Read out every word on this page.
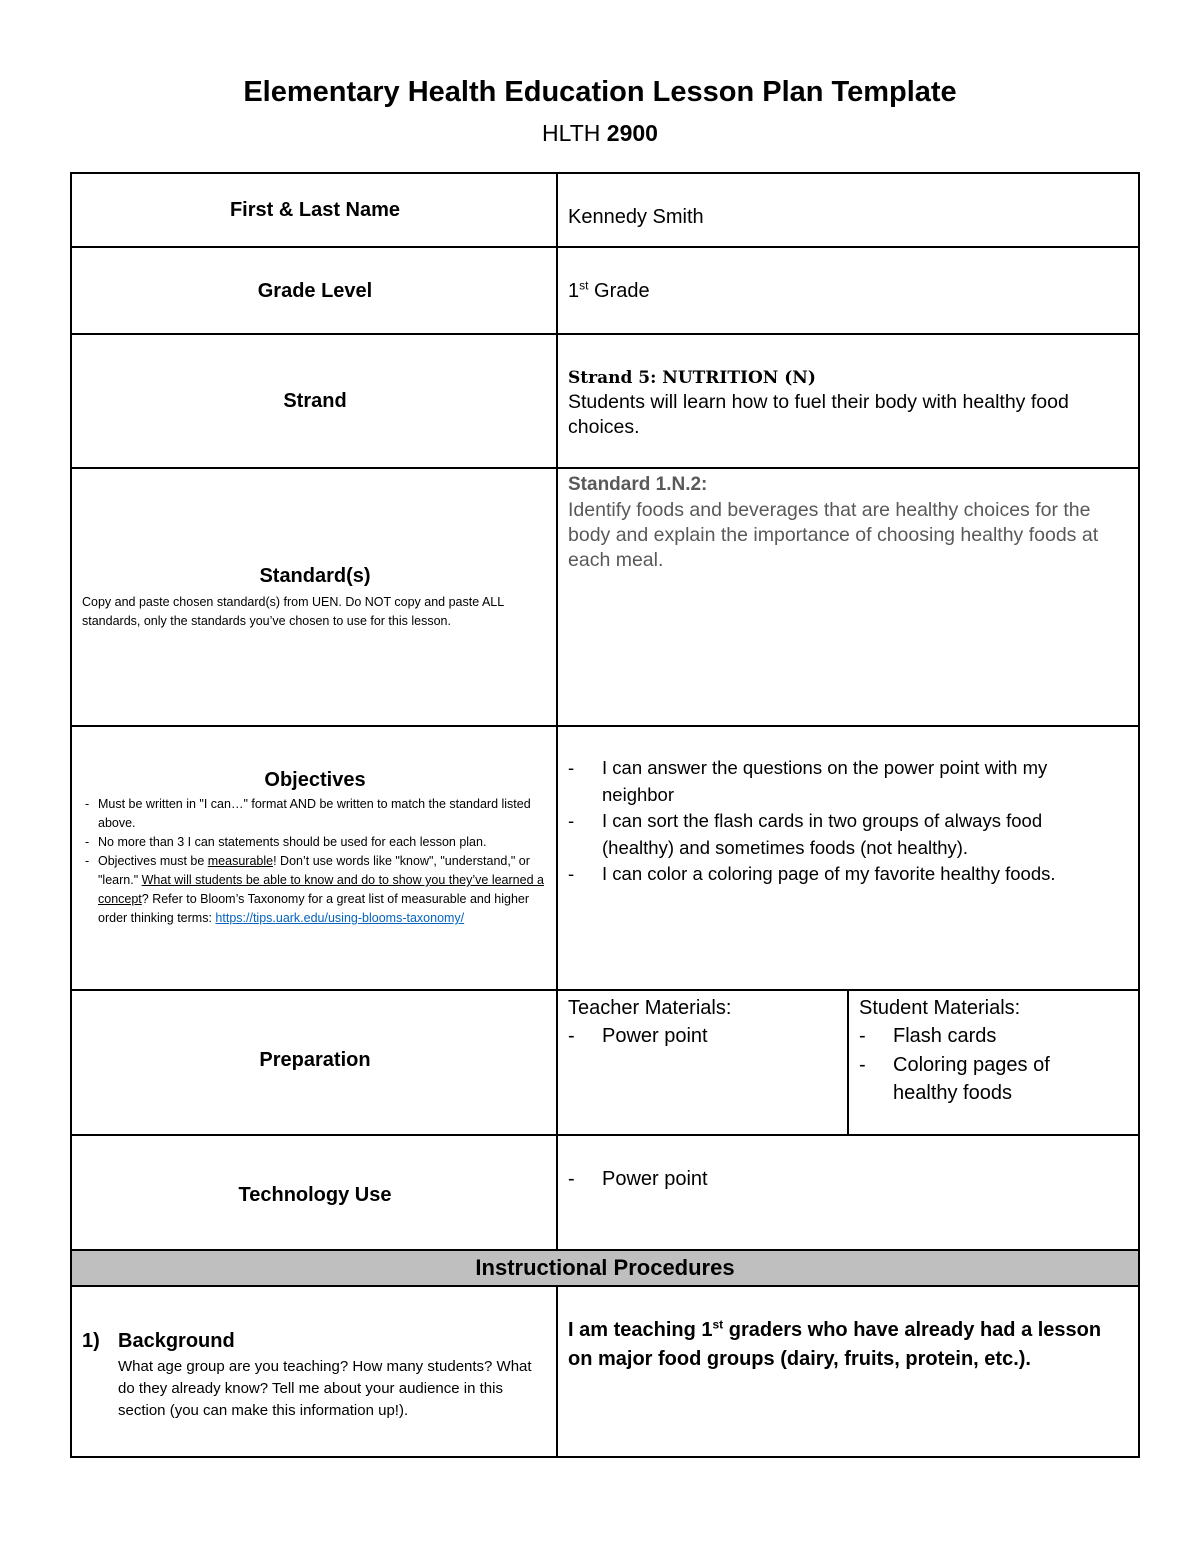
Elementary Health Education Lesson Plan Template
HLTH 2900
First & Last Name	Kennedy Smith
Grade Level	1st Grade
Strand
Strand 5: NUTRITION (N)
Students will learn how to fuel their body with healthy food choices.
Standard(s)
Copy and paste chosen standard(s) from UEN. Do NOT copy and paste ALL standards, only the standards you’ve chosen to use for this lesson.
Standard 1.N.2:
Identify foods and beverages that are healthy choices for the body and explain the importance of choosing healthy foods at each meal.
Objectives
- Must be written in "I can…" format AND be written to match the standard listed above.
- No more than 3 I can statements should be used for each lesson plan.
- Objectives must be measurable! Don’t use words like "know", "understand," or "learn." What will students be able to know and do to show you they’ve learned a concept? Refer to Bloom’s Taxonomy for a great list of measurable and higher order thinking terms: https://tips.uark.edu/using-blooms-taxonomy/
- I can answer the questions on the power point with my neighbor
- I can sort the flash cards in two groups of always food (healthy) and sometimes foods (not healthy).
- I can color a coloring page of my favorite healthy foods.
Preparation
Teacher Materials:
- Power point
Student Materials:
- Flash cards
- Coloring pages of healthy foods
Technology Use
- Power point
Instructional Procedures
1) Background
What age group are you teaching? How many students? What do they already know? Tell me about your audience in this section (you can make this information up!).
I am teaching 1st graders who have already had a lesson on major food groups (dairy, fruits, protein, etc.).
